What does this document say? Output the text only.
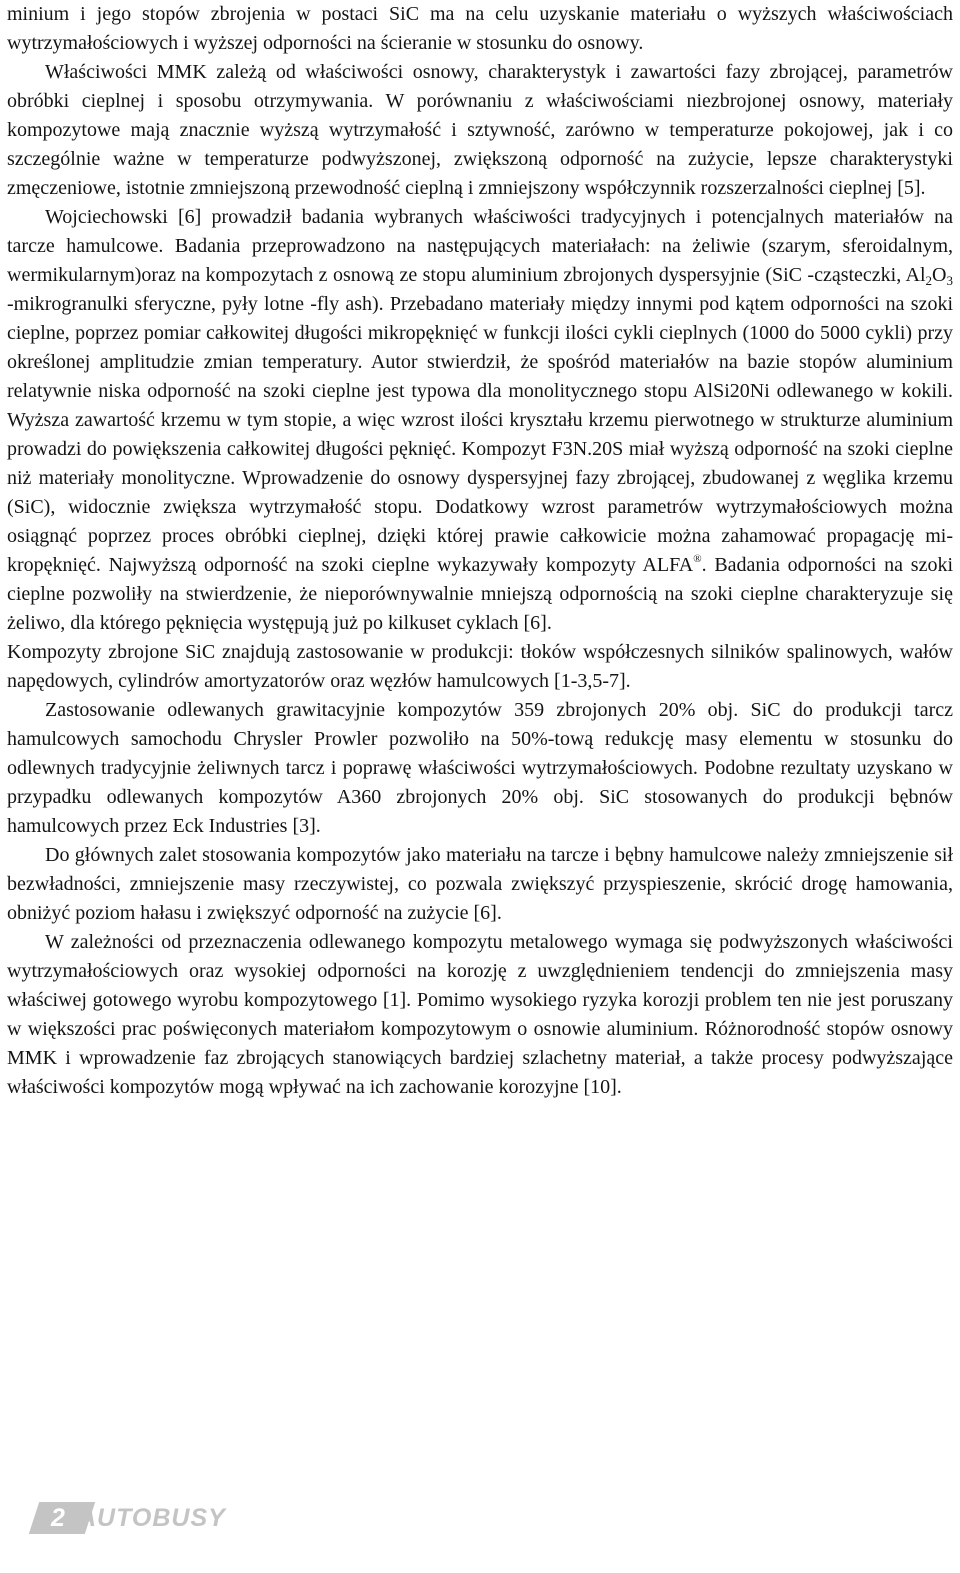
minium i jego stopów zbrojenia w postaci SiC ma na celu uzyskanie materiału o wyższych właściwościach wytrzymałościowych i wyższej odporności na ścieranie w stosunku do osnowy.

Właściwości MMK zależą od właściwości osnowy, charakterystyk i zawartości fazy zbrojącej, parametrów obróbki cieplnej i sposobu otrzymywania. W porównaniu z właściwościami niezbrojonej osnowy, materiały kompozytowe mają znacznie wyższą wytrzymałość i sztywność, zarówno w temperaturze pokojowej, jak i co szczególnie ważne w temperaturze podwyższonej, zwiększoną odporność na zużycie, lepsze charakterystyki zmęczeniowe, istotnie zmniejszoną przewodność cieplną i zmniejszony współczynnik rozszerzalności cieplnej [5].

Wojciechowski [6] prowadził badania wybranych właściwości tradycyjnych i potencjalnych materiałów na tarcze hamulcowe. Badania przeprowadzono na następujących materiałach: na żeliwie (szarym, sferoidalnym, wermikularnym)oraz na kompozytach z osnową ze stopu aluminium zbrojonych dyspersyjnie (SiC -cząsteczki, $Al_2O_3$ -mikrogranulki sferyczne, pyły lotne -fly ash). Przebadano materiały między innymi pod kątem odporności na szoki cieplne, poprzez pomiar całkowitej długości mikropęknięć w funkcji ilości cykli cieplnych (1000 do 5000 cykli) przy określonej amplitudzie zmian temperatury. Autor stwierdził, że spośród materiałów na bazie stopów aluminium relatywnie niska odporność na szoki cieplne jest typowa dla monolitycznego stopu AlSi20Ni odlewanego w kokili. Wyższa zawartość krzemu w tym stopie, a więc wzrost ilości kryształu krzemu pierwotnego w strukturze aluminium prowadzi do powiększenia całkowitej długości pęknięć. Kompozyt F3N.20S miał wyższą odporność na szoki cieplne niż materiały monolityczne. Wprowadzenie do osnowy dyspersyjnej fazy zbrojącej, zbudowanej z węglika krzemu (SiC), widocznie zwiększa wytrzymałość stopu. Dodatkowy wzrost parametrów wytrzymałościowych można osiągnąć poprzez proces obróbki cieplnej, dzięki której prawie całkowicie można zahamować propagację mikropęknięć. Najwyższą odporność na szoki cieplne wykazywały kompozyty ALFA®. Badania odporności na szoki cieplne pozwoliły na stwierdzenie, że nieporównywalnie mniejszą odpornością na szoki cieplne charakteryzuje się żeliwo, dla którego pęknięcia występują już po kilkuset cyklach [6].

Kompozyty zbrojone SiC znajdują zastosowanie w produkcji: tłoków współczesnych silników spalinowych, wałów napędowych, cylindrów amortyzatorów oraz węzłów hamulcowych [1-3,5-7].

Zastosowanie odlewanych grawitacyjnie kompozytów 359 zbrojonych 20% obj. SiC do produkcji tarcz hamulcowych samochodu Chrysler Prowler pozwoliło na 50%-tową redukcję masy elementu w stosunku do odlewnych tradycyjnie żeliwnych tarcz i poprawę właściwości wytrzymałościowych. Podobne rezultaty uzyskano w przypadku odlewanych kompozytów A360 zbrojonych 20% obj. SiC stosowanych do produkcji bębnów hamulcowych przez Eck Industries [3].

Do głównych zalet stosowania kompozytów jako materiału na tarcze i bębny hamulcowe należy zmniejszenie sił bezwładności, zmniejszenie masy rzeczywistej, co pozwala zwiększyć przyspieszenie, skrócić drogę hamowania, obniżyć poziom hałasu i zwiększyć odporność na zużycie [6].

W zależności od przeznaczenia odlewanego kompozytu metalowego wymaga się podwyższonych właściwości wytrzymałościowych oraz wysokiej odporności na korozję z uwzględnieniem tendencji do zmniejszenia masy właściwej gotowego wyrobu kompozytowego [1]. Pomimo wysokiego ryzyka korozji problem ten nie jest poruszany w większości prac poświęconych materiałom kompozytowym o osnowie aluminium. Różnorodność stopów osnowy MMK i wprowadzenie faz zbrojących stanowiących bardziej szlachetny materiał, a także procesy podwyższające właściwości kompozytów mogą wpływać na ich zachowanie korozyjne [10].

2 AUTOBUSY
